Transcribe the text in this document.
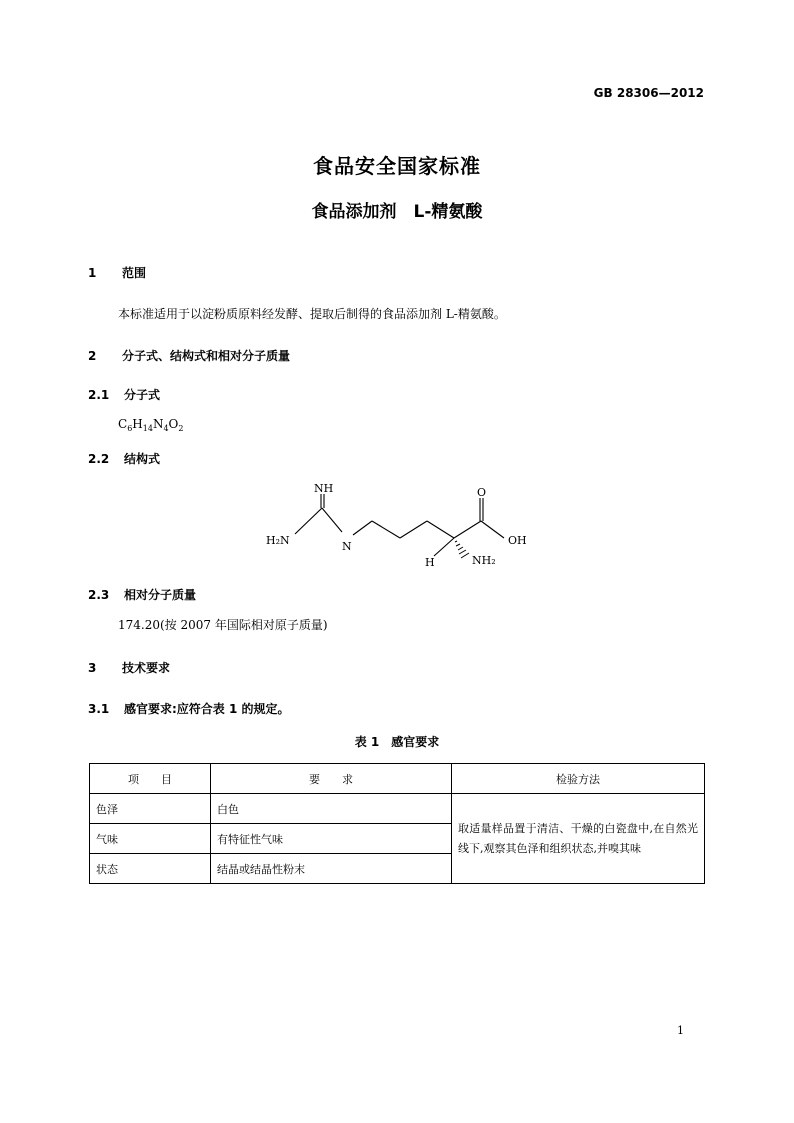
GB 28306—2012
食品安全国家标准
食品添加剂　L-精氨酸
1 范围
本标准适用于以淀粉质原料经发酵、提取后制得的食品添加剂 L-精氨酸。
2 分子式、结构式和相对分子质量
2.1 分子式
$C_6H_{14}N_4O_2$
2.2 结构式
NH
H₂N	N
H
O
OH
NH₂
2.3 相对分子质量
174.20(按 2007 年国际相对原子质量)
3 技术要求
3.1 感官要求:应符合表 1 的规定。
表 1　感官要求
项　　目	要　　求	检验方法
色泽	白色	取适量样品置于清洁、干燥的白瓷盘中,在自然光线下,观察其色泽和组织状态,并嗅其味
气味	有特征性气味	
状态	结晶或结晶性粉末	
1
